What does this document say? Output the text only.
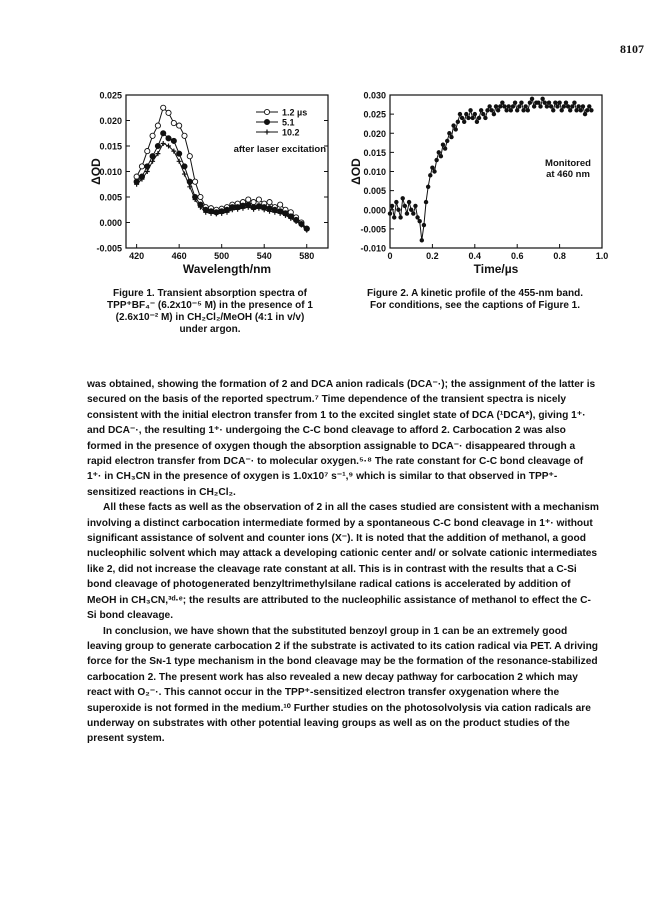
8107
-0.005
0.000
0.005
0.010
0.015
0.020
0.025
420	460	500	540	580
Wavelength/nm
ΔOD
1.2 µs
5.1
10.2
after laser excitation
Figure 1. Transient absorption spectra of
TPP⁺BF₄⁻ (6.2x10⁻⁵ M) in the presence of 1
(2.6x10⁻² M) in CH₂Cl₂/MeOH (4:1 in v/v)
under argon.
-0.010
-0.005
0.000
0.005
0.010
0.015
0.020
0.025
0.030
0	0.2	0.4	0.6	0.8	1.0
Time/µs
ΔOD	Monitored
at 460 nm
Figure 2. A kinetic profile of the 455-nm band.
For conditions, see the captions of Figure 1.

was obtained, showing the formation of 2 and DCA anion radicals (DCA⁻·); the assignment of the latter is secured on the basis of the reported spectrum.⁷ Time dependence of the transient spectra is nicely consistent with the initial electron transfer from 1 to the excited singlet state of DCA (¹DCA*), giving 1⁺· and DCA⁻·, the resulting 1⁺· undergoing the C-C bond cleavage to afford 2. Carbocation 2 was also formed in the presence of oxygen though the absorption assignable to DCA⁻· disappeared through a rapid electron transfer from DCA⁻· to molecular oxygen.⁵·⁸ The rate constant for C-C bond cleavage of 1⁺· in CH₃CN in the presence of oxygen is 1.0x10⁷ s⁻¹,⁹ which is similar to that observed in TPP⁺-sensitized reactions in CH₂Cl₂.

All these facts as well as the observation of 2 in all the cases studied are consistent with a mechanism involving a distinct carbocation intermediate formed by a spontaneous C-C bond cleavage in 1⁺· without significant assistance of solvent and counter ions (X⁻). It is noted that the addition of methanol, a good nucleophilic solvent which may attack a developing cationic center and/ or solvate cationic intermediates like 2, did not increase the cleavage rate constant at all. This is in contrast with the results that a C-Si bond cleavage of photogenerated benzyltrimethylsilane radical cations is accelerated by addition of MeOH in CH₃CN,³ᵈ·ᵉ; the results are attributed to the nucleophilic assistance of methanol to effect the C-Si bond cleavage.

In conclusion, we have shown that the substituted benzoyl group in 1 can be an extremely good leaving group to generate carbocation 2 if the substrate is activated to its cation radical via PET. A driving force for the Sɴ-1 type mechanism in the bond cleavage may be the formation of the resonance-stabilized carbocation 2. The present work has also revealed a new decay pathway for carbocation 2 which may react with O₂⁻·. This cannot occur in the TPP⁺-sensitized electron transfer oxygenation where the superoxide is not formed in the medium.¹⁰ Further studies on the photosolvolysis via cation radicals are underway on substrates with other potential leaving groups as well as on the product studies of the present system.
